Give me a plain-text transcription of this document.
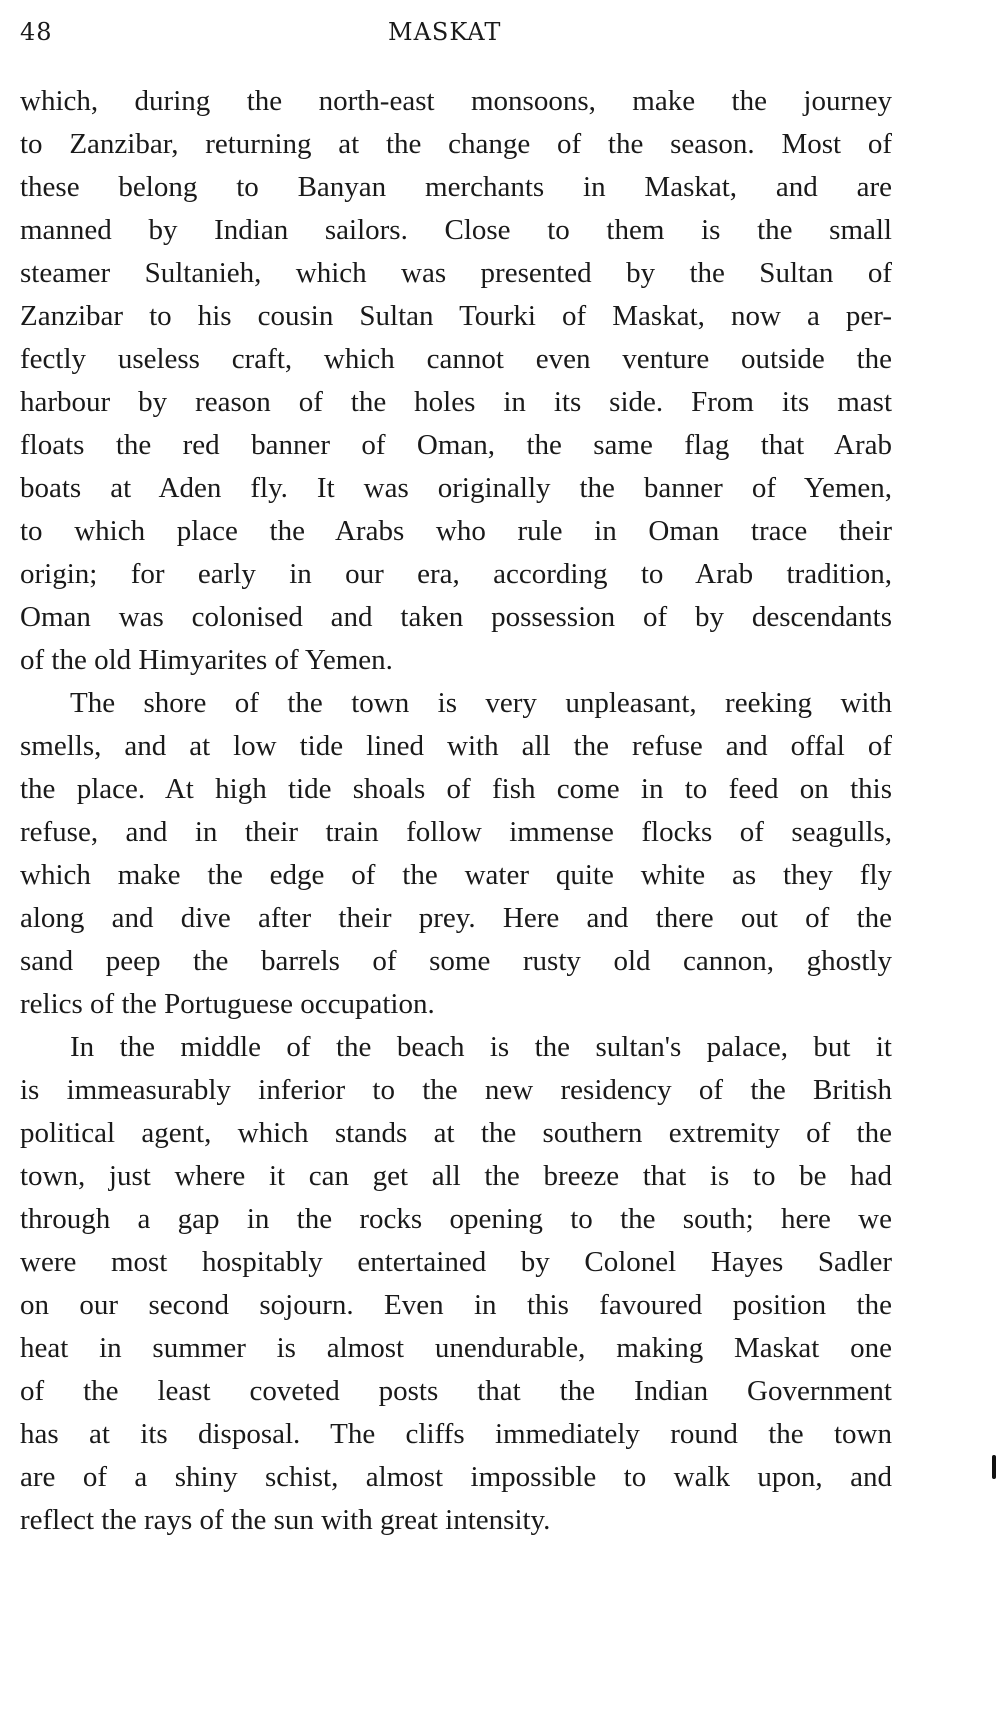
48	MASKAT

which, during the north-east monsoons, make the journey
to Zanzibar, returning at the change of the season. Most of
these belong to Banyan merchants in Maskat, and are
manned by Indian sailors. Close to them is the small
steamer Sultanieh, which was presented by the Sultan of
Zanzibar to his cousin Sultan Tourki of Maskat, now a per-
fectly useless craft, which cannot even venture outside the
harbour by reason of the holes in its side. From its mast
floats the red banner of Oman, the same flag that Arab
boats at Aden fly. It was originally the banner of Yemen,
to which place the Arabs who rule in Oman trace their
origin; for early in our era, according to Arab tradition,
Oman was colonised and taken possession of by descendants
of the old Himyarites of Yemen.

The shore of the town is very unpleasant, reeking with
smells, and at low tide lined with all the refuse and offal of
the place. At high tide shoals of fish come in to feed on this
refuse, and in their train follow immense flocks of seagulls,
which make the edge of the water quite white as they fly
along and dive after their prey. Here and there out of the
sand peep the barrels of some rusty old cannon, ghostly
relics of the Portuguese occupation.

In the middle of the beach is the sultan's palace, but it
is immeasurably inferior to the new residency of the British
political agent, which stands at the southern extremity of the
town, just where it can get all the breeze that is to be had
through a gap in the rocks opening to the south; here we
were most hospitably entertained by Colonel Hayes Sadler
on our second sojourn. Even in this favoured position the
heat in summer is almost unendurable, making Maskat one
of the least coveted posts that the Indian Government
has at its disposal. The cliffs immediately round the town
are of a shiny schist, almost impossible to walk upon, and
reflect the rays of the sun with great intensity.
